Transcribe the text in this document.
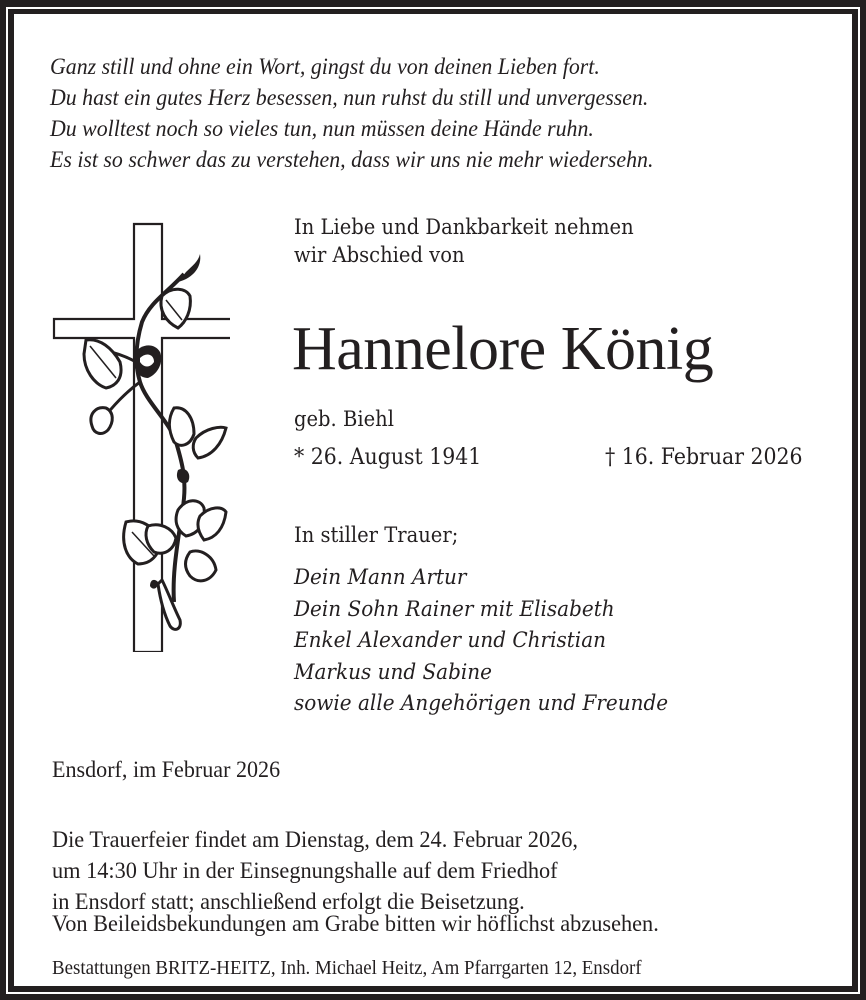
Ganz still und ohne ein Wort, gingst du von deinen Lieben fort.
Du hast ein gutes Herz besessen, nun ruhst du still und unvergessen.
Du wolltest noch so vieles tun, nun müssen deine Hände ruhn.
Es ist so schwer das zu verstehen, dass wir uns nie mehr wiedersehn.
In Liebe und Dankbarkeit nehmen
wir Abschied von
Hannelore König
geb. Biehl
* 26. August 1941	† 16. Februar 2026
In stiller Trauer;
Dein Mann Artur
Dein Sohn Rainer mit Elisabeth
Enkel Alexander und Christian
Markus und Sabine
sowie alle Angehörigen und Freunde
Ensdorf, im Februar 2026
Die Trauerfeier findet am Dienstag, dem 24. Februar 2026,
um 14:30 Uhr in der Einsegnungshalle auf dem Friedhof
in Ensdorf statt; anschließend erfolgt die Beisetzung.
Von Beileidsbekundungen am Grabe bitten wir höflichst abzusehen.
Bestattungen BRITZ-HEITZ, Inh. Michael Heitz, Am Pfarrgarten 12, Ensdorf
